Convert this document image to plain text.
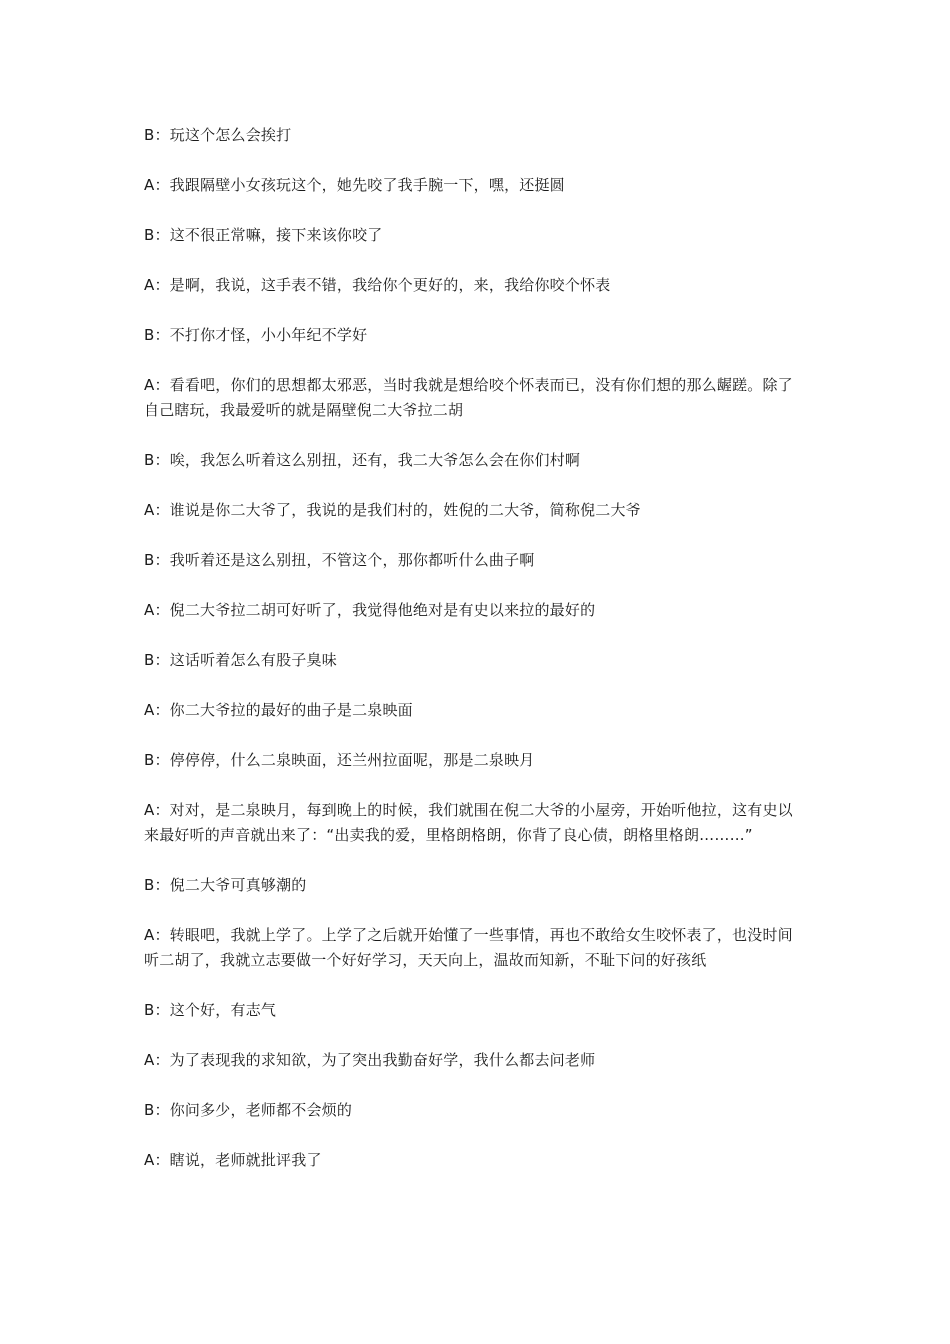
B：玩这个怎么会挨打

A：我跟隔壁小女孩玩这个，她先咬了我手腕一下，嘿，还挺圆

B：这不很正常嘛，接下来该你咬了

A：是啊，我说，这手表不错，我给你个更好的，来，我给你咬个怀表

B：不打你才怪，小小年纪不学好

A：看看吧，你们的思想都太邪恶，当时我就是想给咬个怀表而已，没有你们想的那么龌蹉。除了自己瞎玩，我最爱听的就是隔壁倪二大爷拉二胡

B：唉，我怎么听着这么别扭，还有，我二大爷怎么会在你们村啊

A：谁说是你二大爷了，我说的是我们村的，姓倪的二大爷，简称倪二大爷

B：我听着还是这么别扭，不管这个，那你都听什么曲子啊

A：倪二大爷拉二胡可好听了，我觉得他绝对是有史以来拉的最好的

B：这话听着怎么有股子臭味

A：你二大爷拉的最好的曲子是二泉映面

B：停停停，什么二泉映面，还兰州拉面呢，那是二泉映月

A：对对，是二泉映月，每到晚上的时候，我们就围在倪二大爷的小屋旁，开始听他拉，这有史以来最好听的声音就出来了：“出卖我的爱，里格朗格朗，你背了良心债，朗格里格朗………”

B：倪二大爷可真够潮的

A：转眼吧，我就上学了。上学了之后就开始懂了一些事情，再也不敢给女生咬怀表了，也没时间听二胡了，我就立志要做一个好好学习，天天向上，温故而知新，不耻下问的好孩纸

B：这个好，有志气

A：为了表现我的求知欲，为了突出我勤奋好学，我什么都去问老师

B：你问多少，老师都不会烦的

A：瞎说，老师就批评我了
